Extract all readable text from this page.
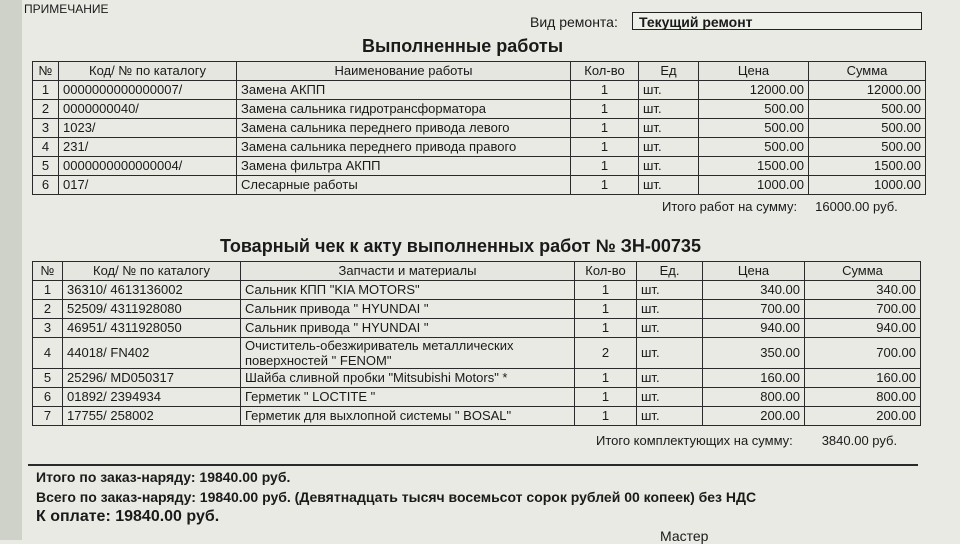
ПРИМЕЧАНИЕ
Вид ремонта:	Текущий ремонт
Выполненные работы
№	Код/ № по каталогу	Наименование работы	Кол-во	Ед	Цена	Сумма
1	0000000000000007/	Замена АКПП	1	шт.	12000.00	12000.00
2	0000000040/	Замена сальника гидротрансформатора	1	шт.	500.00	500.00
3	1023/	Замена сальника переднего привода левого	1	шт.	500.00	500.00
4	231/	Замена сальника переднего привода правого	1	шт.	500.00	500.00
5	0000000000000004/	Замена фильтра АКПП	1	шт.	1500.00	1500.00
6	017/	Слесарные работы	1	шт.	1000.00	1000.00
Итого работ на сумму: 16000.00 руб.
Товарный чек к акту выполненных работ № ЗН-00735
№	Код/ № по каталогу	Запчасти и материалы	Кол-во	Ед.	Цена	Сумма
1	36310/ 4613136002	Сальник КПП "KIA MOTORS"	1	шт.	340.00	340.00
2	52509/ 4311928080	Сальник привода " HYUNDAI "	1	шт.	700.00	700.00
3	46951/ 4311928050	Сальник привода " HYUNDAI "	1	шт.	940.00	940.00
4	44018/ FN402	Очиститель-обезжириватель металлических поверхностей " FENOM"	2	шт.	350.00	700.00
5	25296/ MD050317	Шайба сливной пробки "Mitsubishi Motors" *	1	шт.	160.00	160.00
6	01892/ 2394934	Герметик " LOCTITE "	1	шт.	800.00	800.00
7	17755/ 258002	Герметик для выхлопной системы " BOSAL"	1	шт.	200.00	200.00
Итого комплектующих на сумму: 3840.00 руб.
Итого по заказ-наряду: 19840.00 руб.
Всего по заказ-наряду: 19840.00 руб. (Девятнадцать тысяч восемьсот сорок рублей 00 копеек) без НДС
К оплате: 19840.00 руб.
Мастер
